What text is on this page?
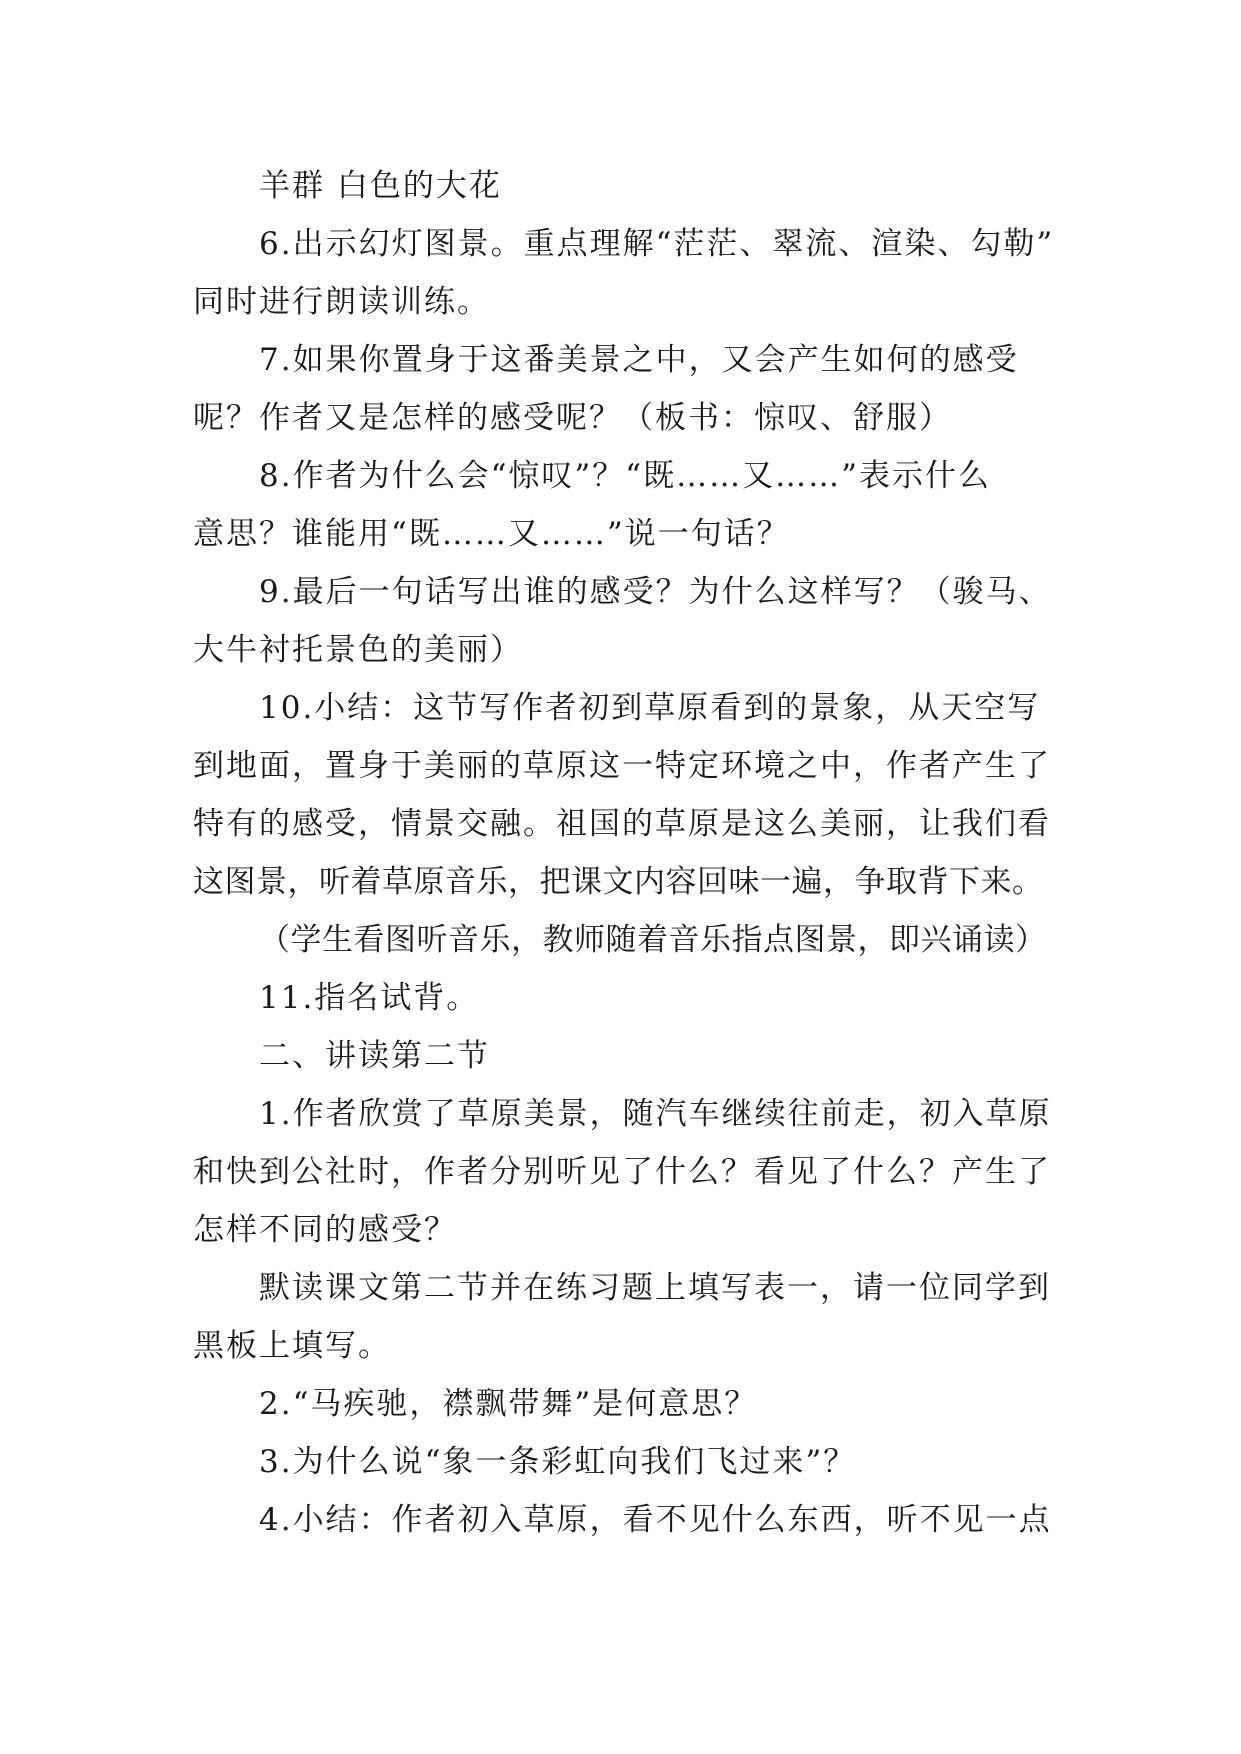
羊群 白色的大花
6.出示幻灯图景。重点理解“茫茫、翠流、渲染、勾勒”
同时进行朗读训练。
7.如果你置身于这番美景之中，又会产生如何的感受
呢？作者又是怎样的感受呢？（板书：惊叹、舒服）
8.作者为什么会“惊叹”？“既……又……”表示什么
意思？谁能用“既……又……”说一句话？
9.最后一句话写出谁的感受？为什么这样写？（骏马、
大牛衬托景色的美丽）
10.小结：这节写作者初到草原看到的景象，从天空写
到地面，置身于美丽的草原这一特定环境之中，作者产生了
特有的感受，情景交融。祖国的草原是这么美丽，让我们看
这图景，听着草原音乐，把课文内容回味一遍，争取背下来。
（学生看图听音乐，教师随着音乐指点图景，即兴诵读）
11.指名试背。
二、讲读第二节
1.作者欣赏了草原美景，随汽车继续往前走，初入草原
和快到公社时，作者分别听见了什么？看见了什么？产生了
怎样不同的感受？
默读课文第二节并在练习题上填写表一，请一位同学到
黑板上填写。
2.“马疾驰，襟飘带舞”是何意思？
3.为什么说“象一条彩虹向我们飞过来”？
4.小结：作者初入草原，看不见什么东西，听不见一点
